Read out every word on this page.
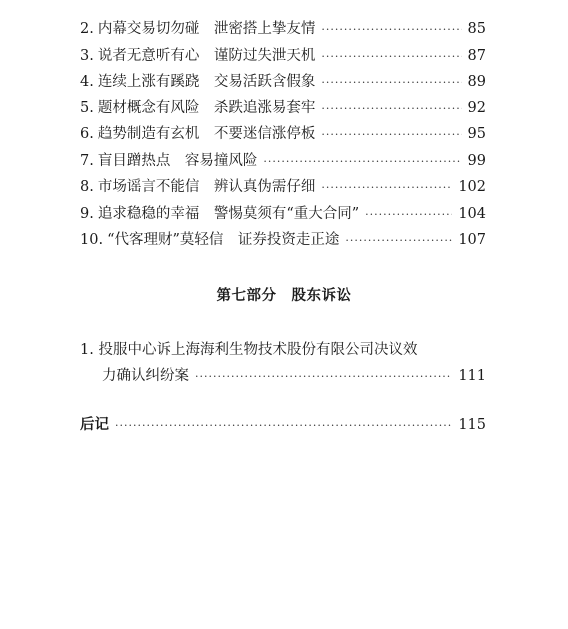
2. 内幕交易切勿碰　泄密搭上挚友情 ·····	85
3. 说者无意听有心　谨防过失泄天机 ·····	87
4. 连续上涨有蹊跷　交易活跃含假象 ·····	89
5. 题材概念有风险　杀跌追涨易套牢 ·····	92
6. 趋势制造有玄机　不要迷信涨停板 ·····	95
7. 盲目蹭热点　容易撞风险 ·····	99
8. 市场谣言不能信　辨认真伪需仔细 ·····	102
9. 追求稳稳的幸福　警惕莫须有“重大合同” ·····	104
10. “代客理财”莫轻信　证券投资走正途 ·····	107
第七部分　股东诉讼
1. 投服中心诉上海海利生物技术股份有限公司决议效
力确认纠纷案 ·····	111
后记 ·····	115
